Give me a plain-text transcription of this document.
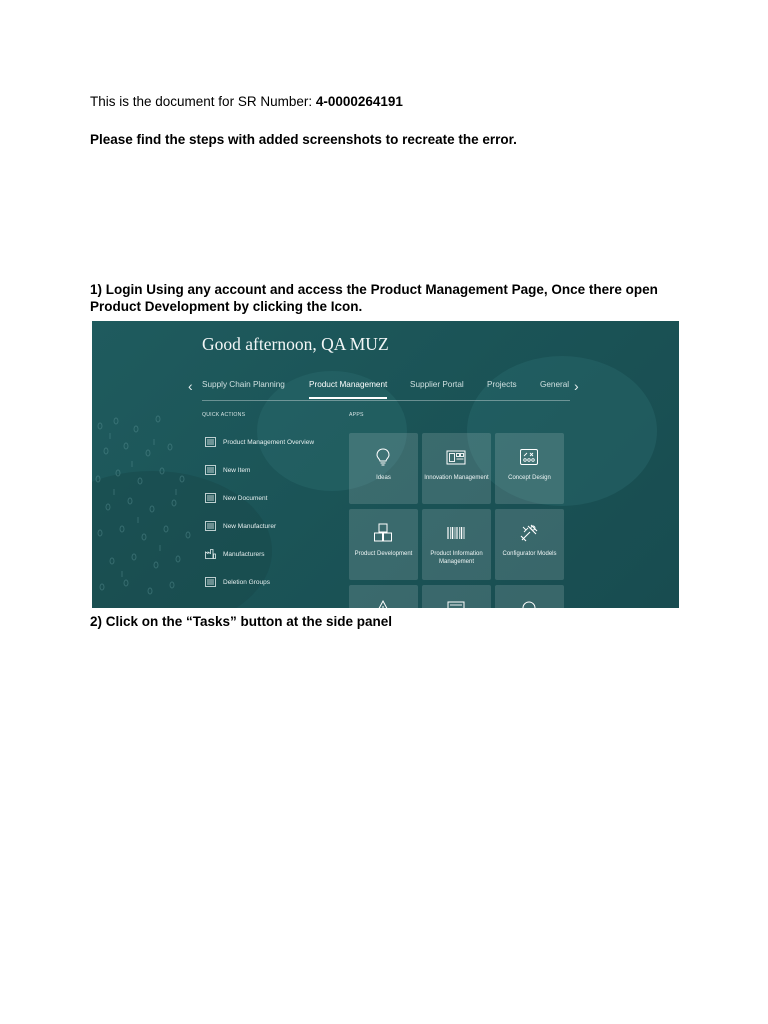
This is the document for SR Number: 4-0000264191
Please find the steps with added screenshots to recreate the error.
1) Login Using any account and access the Product Management Page, Once there open Product Development by clicking the Icon.
Good afternoon, QA MUZ
‹ Supply Chain Planning	Product Management	Supplier Portal	Projects	General ›
QUICK ACTIONS	APPS
Product Management Overview
New Item
New Document
New Manufacturer
Manufacturers
Deletion Groups
Ideas	Innovation Management	Concept Design
Product Development	Product Information Management
Configurator Models
2) Click on the “Tasks” button at the side panel
